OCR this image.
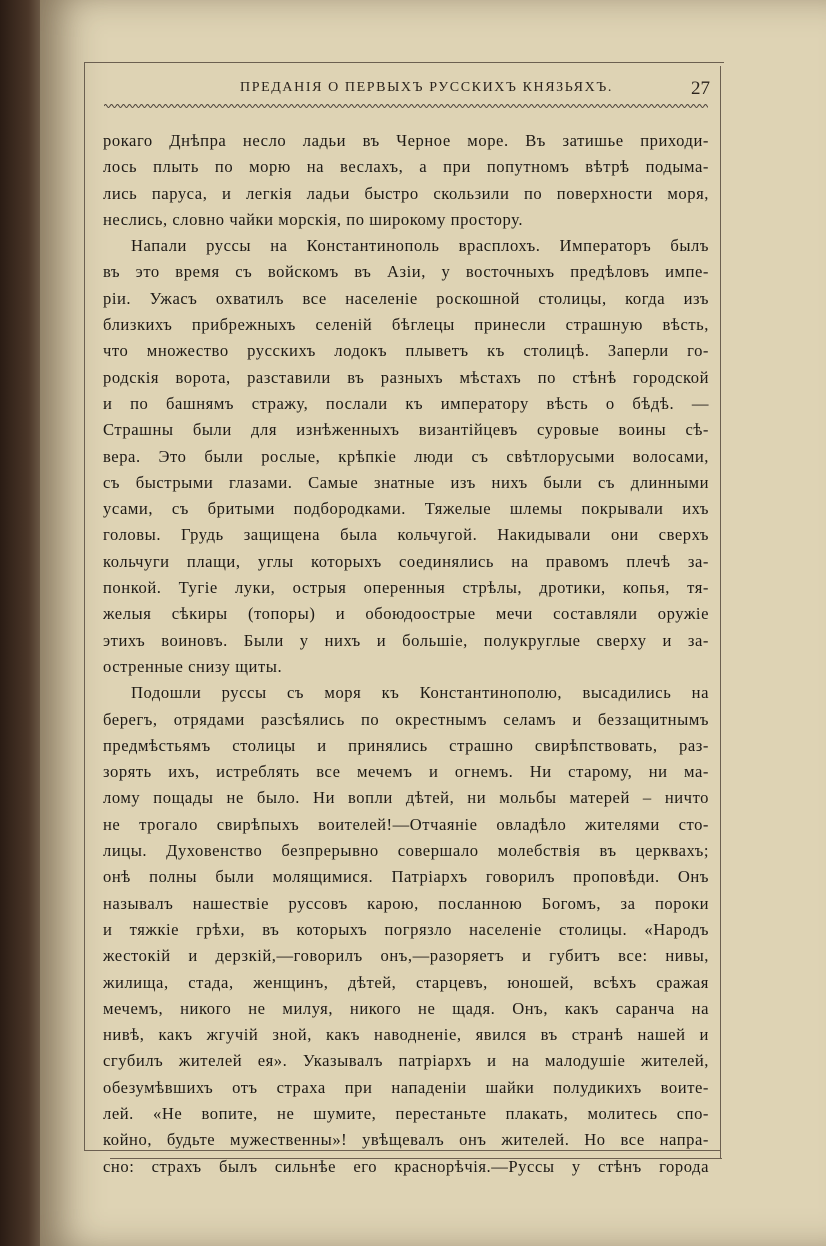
ПРЕДАНІЯ О ПЕРВЫХЪ РУССКИХЪ КНЯЗЬЯХЪ.	27
рокаго Днѣпра несло ладьи въ Черное море. Въ затишье приходи-
лось плыть по морю на веслахъ, а при попутномъ вѣтрѣ подыма-
лись паруса, и легкія ладьи быстро скользили по поверхности моря,
неслись, словно чайки морскія, по широкому простору.
Напали руссы на Константинополь врасплохъ. Императоръ былъ
въ это время съ войскомъ въ Азіи, у восточныхъ предѣловъ импе-
ріи. Ужасъ охватилъ все населеніе роскошной столицы, когда изъ
близкихъ прибрежныхъ селеній бѣглецы принесли страшную вѣсть,
что множество русскихъ лодокъ плыветъ къ столицѣ. Заперли го-
родскія ворота, разставили въ разныхъ мѣстахъ по стѣнѣ городской
и по башнямъ стражу, послали къ императору вѣсть о бѣдѣ. —
Страшны были для изнѣженныхъ византійцевъ суровые воины сѣ-
вера. Это были рослые, крѣпкіе люди съ свѣтлорусыми волосами,
съ быстрыми глазами. Самые знатные изъ нихъ были съ длинными
усами, съ бритыми подбородками. Тяжелые шлемы покрывали ихъ
головы. Грудь защищена была кольчугой. Накидывали они сверхъ
кольчуги плащи, углы которыхъ соединялись на правомъ плечѣ за-
понкой. Тугіе луки, острыя оперенныя стрѣлы, дротики, копья, тя-
желыя сѣкиры (топоры) и обоюдоострые мечи составляли оружіе
этихъ воиновъ. Были у нихъ и большіе, полукруглые сверху и за-
остренные снизу щиты.
Подошли руссы съ моря къ Константинополю, высадились на
берегъ, отрядами разсѣялись по окрестнымъ селамъ и беззащитнымъ
предмѣстьямъ столицы и принялись страшно свирѣпствовать, раз-
зорять ихъ, истреблять все мечемъ и огнемъ. Ни старому, ни ма-
лому пощады не было. Ни вопли дѣтей, ни мольбы матерей – ничто
не трогало свирѣпыхъ воителей!—Отчаяніе овладѣло жителями сто-
лицы. Духовенство безпрерывно совершало молебствія въ церквахъ;
онѣ полны были молящимися. Патріархъ говорилъ проповѣди. Онъ
называлъ нашествіе руссовъ карою, посланною Богомъ, за пороки
и тяжкіе грѣхи, въ которыхъ погрязло населеніе столицы. «Народъ
жестокій и дерзкій,—говорилъ онъ,—разоряетъ и губитъ все: нивы,
жилища, стада, женщинъ, дѣтей, старцевъ, юношей, всѣхъ сражая
мечемъ, никого не милуя, никого не щадя. Онъ, какъ саранча на
нивѣ, какъ жгучій зной, какъ наводненіе, явился въ странѣ нашей и
сгубилъ жителей ея». Указывалъ патріархъ и на малодушіе жителей,
обезумѣвшихъ отъ страха при нападеніи шайки полудикихъ воите-
лей. «Не вопите, не шумите, перестаньте плакать, молитесь спо-
койно, будьте мужественны»! увѣщевалъ онъ жителей. Но все напра-
сно: страхъ былъ сильнѣе его краснорѣчія.—Руссы у стѣнъ города
